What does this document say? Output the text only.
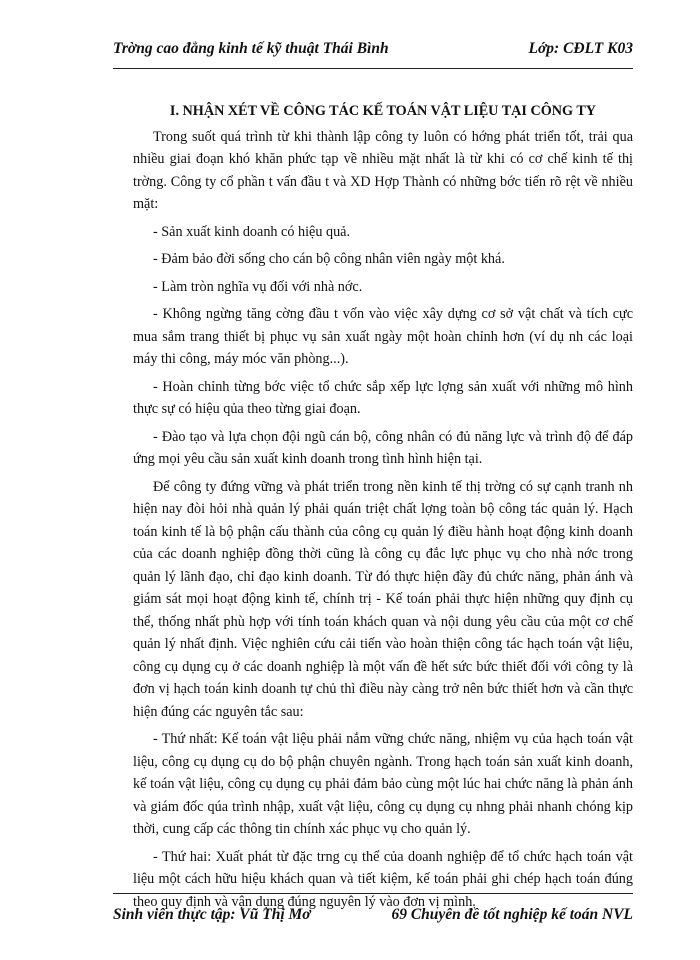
Trờng cao đẳng kinh tế kỹ thuật Thái Bình	Lớp: CĐLT K03

I. NHẬN XÉT VỀ CÔNG TÁC KẾ TOÁN VẬT LIỆU TẠI CÔNG TY

Trong suốt quá trình từ khi thành lập công ty luôn có hớng phát triển tốt, trải qua nhiều giai đoạn khó khăn phức tạp về nhiều mặt nhất là từ khi có cơ chế kinh tế thị trờng. Công ty cổ phần t vấn đầu t và XD Hợp Thành có những bớc tiến rõ rệt về nhiều mặt:

- Sản xuất kinh doanh có hiệu quả.

- Đảm bảo đời sống cho cán bộ công nhân viên ngày một khá.

- Làm tròn nghĩa vụ đối với nhà nớc.

- Không ngừng tăng cờng đầu t vốn vào việc xây dựng cơ sở vật chất và tích cực mua sắm trang thiết bị phục vụ sản xuất ngày một hoàn chỉnh hơn (ví dụ nh các loại máy thi công, máy móc văn phòng...).

- Hoàn chỉnh từng bớc việc tổ chức sắp xếp lực lợng sản xuất với những mô hình thực sự có hiệu qủa theo từng giai đoạn.

- Đào tạo và lựa chọn đội ngũ cán bộ, công nhân có đủ năng lực và trình độ để đáp ứng mọi yêu cầu sản xuất kinh doanh trong tình hình hiện tại.

Để công ty đứng vững và phát triển trong nền kinh tế thị trờng có sự cạnh tranh nh hiện nay đòi hỏi nhà quản lý phải quán triệt chất lợng toàn bộ công tác quản lý. Hạch toán kinh tế là bộ phận cấu thành của công cụ quản lý điều hành hoạt động kinh doanh của các doanh nghiệp đồng thời cũng là công cụ đắc lực phục vụ cho nhà nớc trong quản lý lãnh đạo, chỉ đạo kinh doanh. Từ đó thực hiện đầy đủ chức năng, phản ánh và giám sát mọi hoạt động kinh tế, chính trị - Kế toán phải thực hiện những quy định cụ thể, thống nhất phù hợp với tính toán khách quan và nội dung yêu cầu của một cơ chế quản lý nhất định. Việc nghiên cứu cải tiến vào hoàn thiện công tác hạch toán vật liệu, công cụ dụng cụ ở các doanh nghiệp là một vấn đề hết sức bức thiết đối với công ty là đơn vị hạch toán kinh doanh tự chủ thì điều này càng trở nên bức thiết hơn và cần thực hiện đúng các nguyên tắc sau:

- Thứ nhất: Kế toán vật liệu phải nắm vững chức năng, nhiệm vụ của hạch toán vật liệu, công cụ dụng cụ do bộ phận chuyên ngành. Trong hạch toán sản xuất kinh doanh, kế toán vật liệu, công cụ dụng cụ phải đảm bảo cùng một lúc hai chức năng là phản ánh và giám đốc qúa trình nhập, xuất vật liệu, công cụ dụng cụ nhng phải nhanh chóng kịp thời, cung cấp các thông tin chính xác phục vụ cho quản lý.

- Thứ hai: Xuất phát từ đặc trng cụ thể của doanh nghiệp để tổ chức hạch toán vật liệu một cách hữu hiệu khách quan và tiết kiệm, kế toán phải ghi chép hạch toán đúng theo quy định và vận dụng đúng nguyên lý vào đơn vị mình.

Sinh viên thực tập: Vũ Thị Mơ	69 Chuyên đề tốt nghiệp kế toán NVL
